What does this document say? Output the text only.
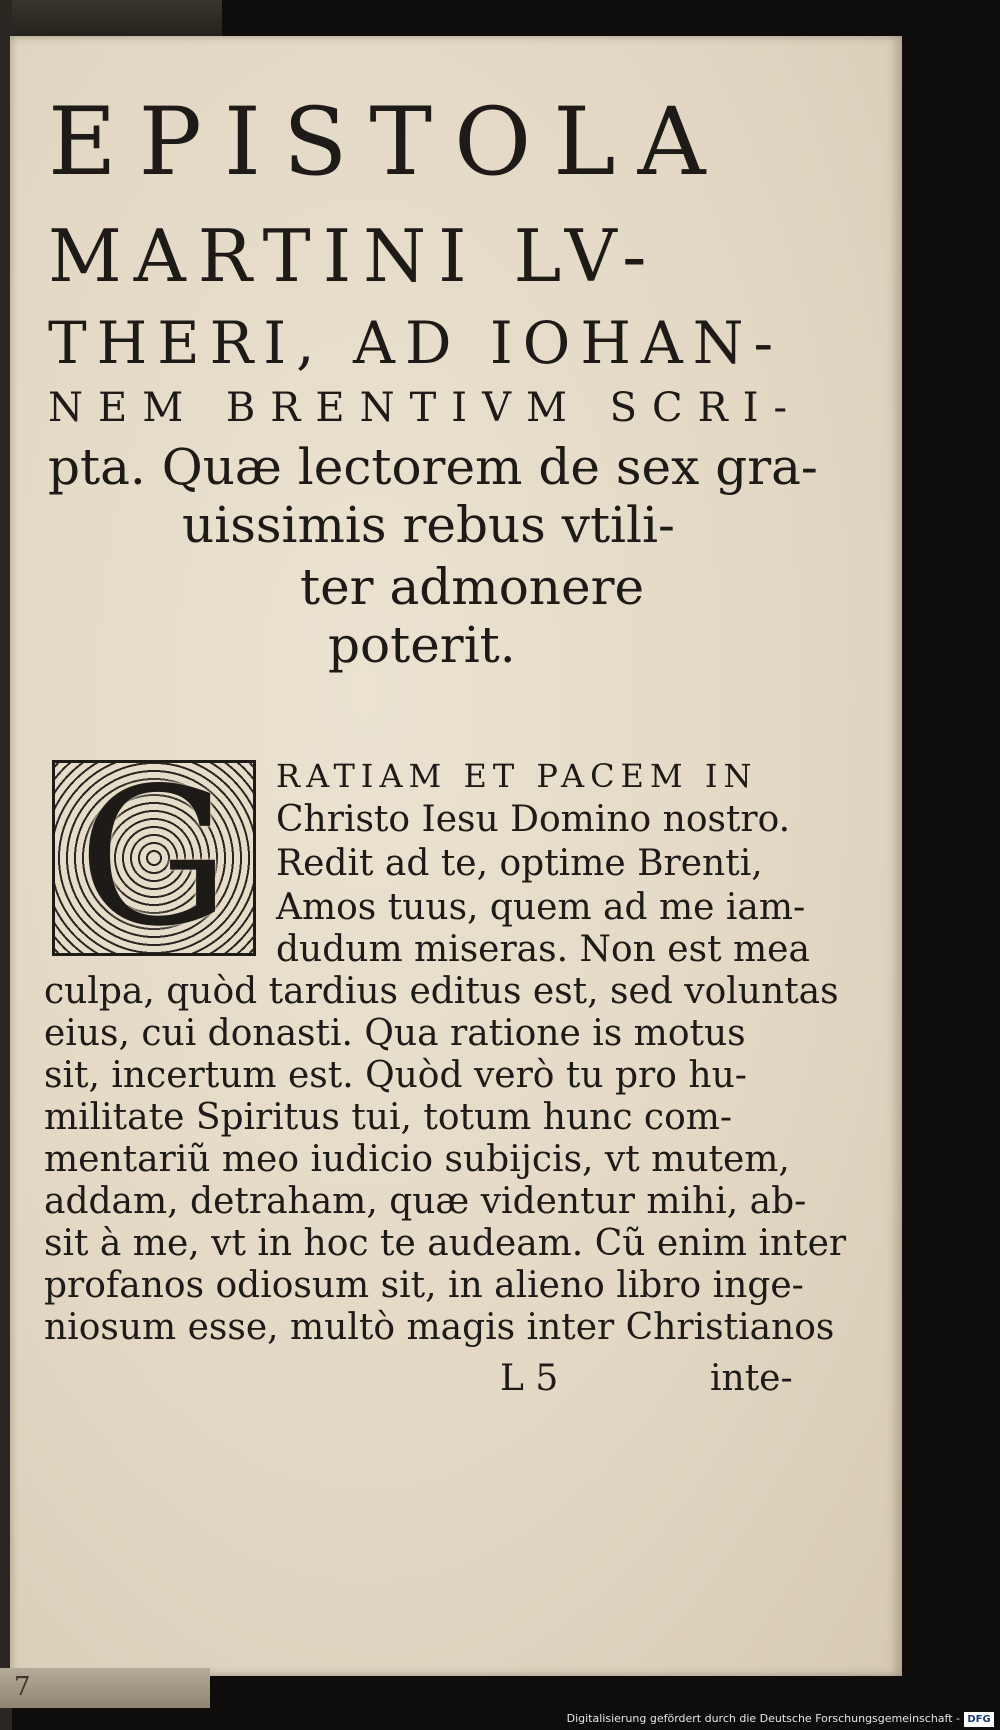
EPISTOLA
MARTINI LV-
THERI, AD IOHAN-
NEM BRENTIVM SCRI-
pta. Quæ lectorem de sex gra-
uissimis rebus vtili-
ter admonere
poterit.
G	RATIAM ET PACEM IN
Christo Iesu Domino nostro.
Redit ad te, optime Brenti,
Amos tuus, quem ad me iam-
dudum miseras. Non est mea
culpa, quòd tardius editus est, sed voluntas
eius, cui donasti. Qua ratione is motus
sit, incertum est. Quòd verò tu pro hu-
militate Spiritus tui, totum hunc com-
mentariũ meo iudicio subijcis, vt mutem,
addam, detraham, quæ videntur mihi, ab-
sit à me, vt in hoc te audeam. Cũ enim inter
profanos odiosum sit, in alieno libro inge-
niosum esse, multò magis inter Christianos
L 5	inte-
7
Digitalisierung gefördert durch die Deutsche Forschungsgemeinschaft - DFG
